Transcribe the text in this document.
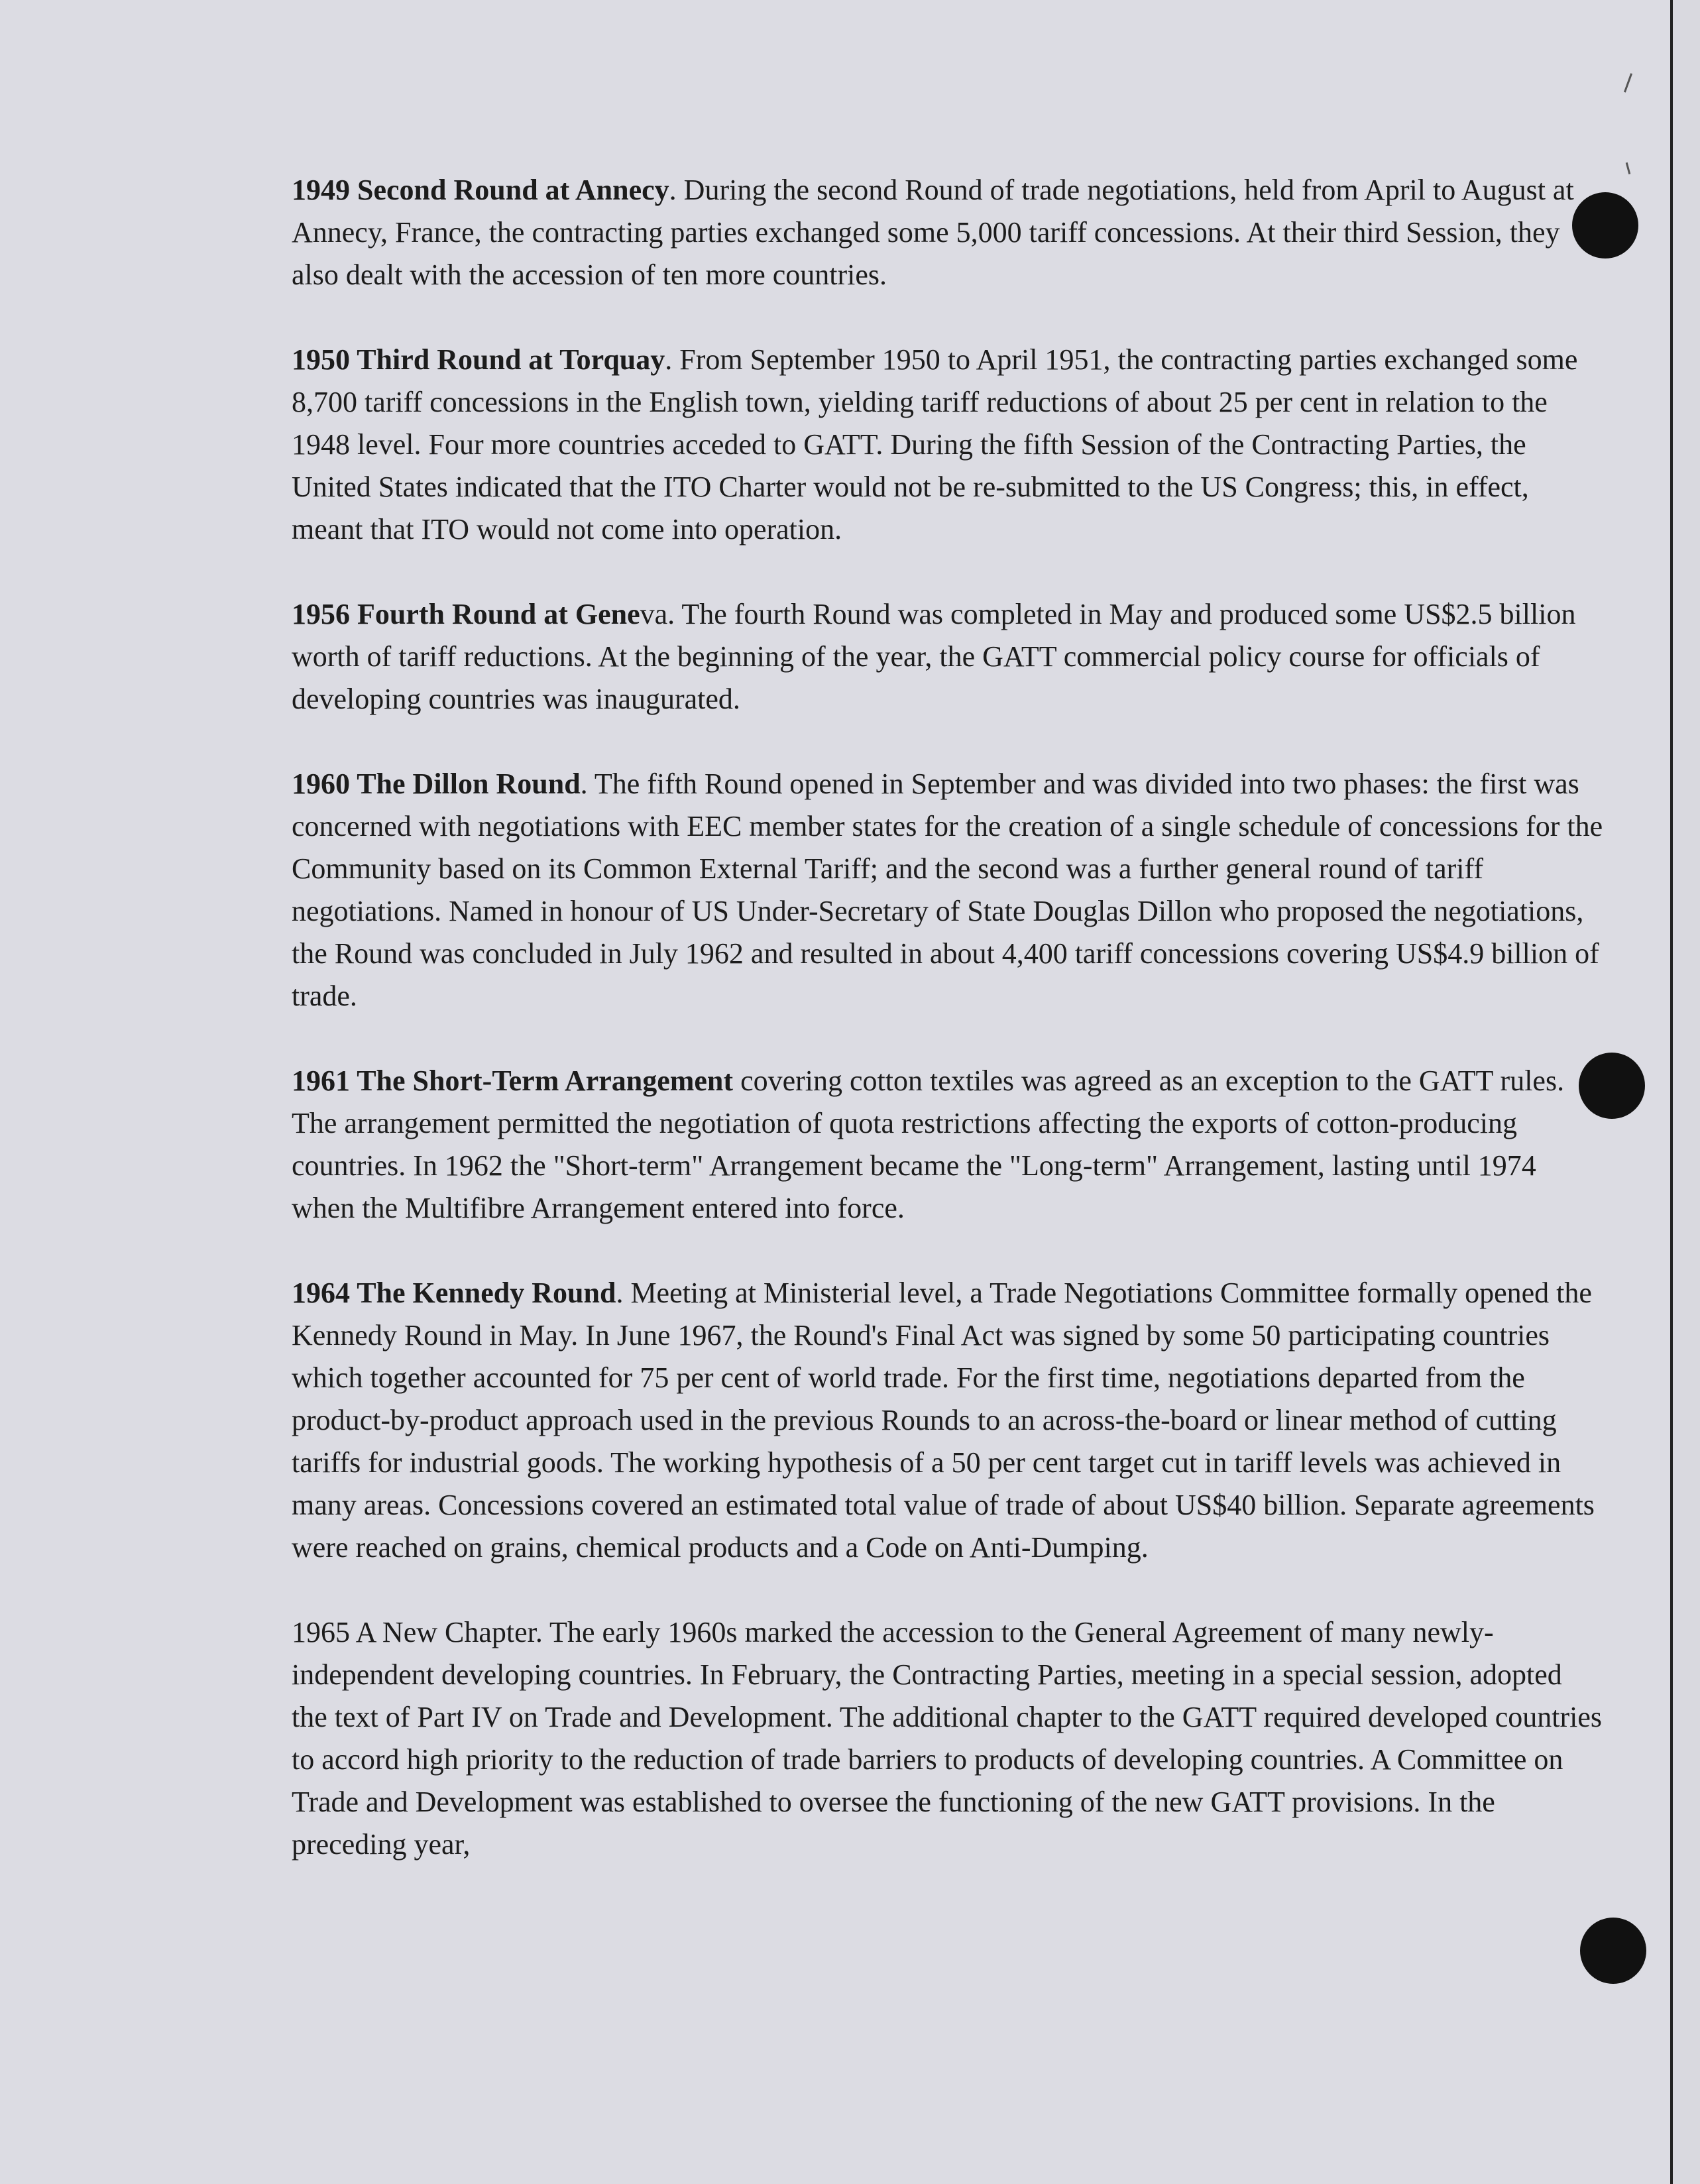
1949 Second Round at Annecy. During the second Round of trade negotiations, held from April to August at Annecy, France, the contracting parties exchanged some 5,000 tariff concessions. At their third Session, they also dealt with the accession of ten more countries.

1950 Third Round at Torquay. From September 1950 to April 1951, the contracting parties exchanged some 8,700 tariff concessions in the English town, yielding tariff reductions of about 25 per cent in relation to the 1948 level. Four more countries acceded to GATT. During the fifth Session of the Contracting Parties, the United States indicated that the ITO Charter would not be re-submitted to the US Congress; this, in effect, meant that ITO would not come into operation.

1956 Fourth Round at Geneva. The fourth Round was completed in May and produced some US$2.5 billion worth of tariff reductions. At the beginning of the year, the GATT commercial policy course for officials of developing countries was inaugurated.

1960 The Dillon Round. The fifth Round opened in September and was divided into two phases: the first was concerned with negotiations with EEC member states for the creation of a single schedule of concessions for the Community based on its Common External Tariff; and the second was a further general round of tariff negotiations. Named in honour of US Under-Secretary of State Douglas Dillon who proposed the negotiations, the Round was concluded in July 1962 and resulted in about 4,400 tariff concessions covering US$4.9 billion of trade.

1961 The Short-Term Arrangement covering cotton textiles was agreed as an exception to the GATT rules. The arrangement permitted the negotiation of quota restrictions affecting the exports of cotton-producing countries. In 1962 the "Short-term" Arrangement became the "Long-term" Arrangement, lasting until 1974 when the Multifibre Arrangement entered into force.

1964 The Kennedy Round. Meeting at Ministerial level, a Trade Negotiations Committee formally opened the Kennedy Round in May. In June 1967, the Round's Final Act was signed by some 50 participating countries which together accounted for 75 per cent of world trade. For the first time, negotiations departed from the product-by-product approach used in the previous Rounds to an across-the-board or linear method of cutting tariffs for industrial goods. The working hypothesis of a 50 per cent target cut in tariff levels was achieved in many areas. Concessions covered an estimated total value of trade of about US$40 billion. Separate agreements were reached on grains, chemical products and a Code on Anti-Dumping.

1965 A New Chapter. The early 1960s marked the accession to the General Agreement of many newly-independent developing countries. In February, the Contracting Parties, meeting in a special session, adopted the text of Part IV on Trade and Development. The additional chapter to the GATT required developed countries to accord high priority to the reduction of trade barriers to products of developing countries. A Committee on Trade and Development was established to oversee the functioning of the new GATT provisions. In the preceding year,
